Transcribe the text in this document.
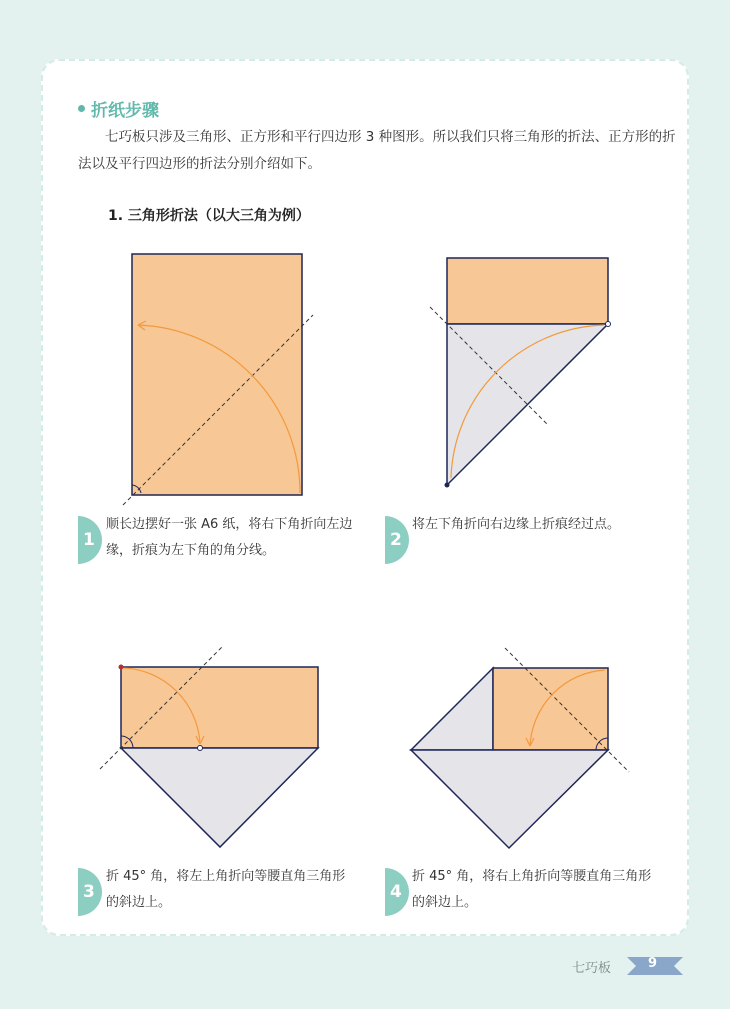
折纸步骤
七巧板只涉及三角形、正方形和平行四边形 3 种图形。所以我们只将三角形的折法、正方形的折法以及平行四边形的折法分别介绍如下。
1. 三角形折法（以大三角为例）
1
顺长边摆好一张 A6 纸，将右下角折向左边缘，折痕为左下角的角分线。
2
将左下角折向右边缘上折痕经过点。
3
折 45° 角，将左上角折向等腰直角三角形的斜边上。
4
折 45° 角，将右上角折向等腰直角三角形的斜边上。
七巧板	9
